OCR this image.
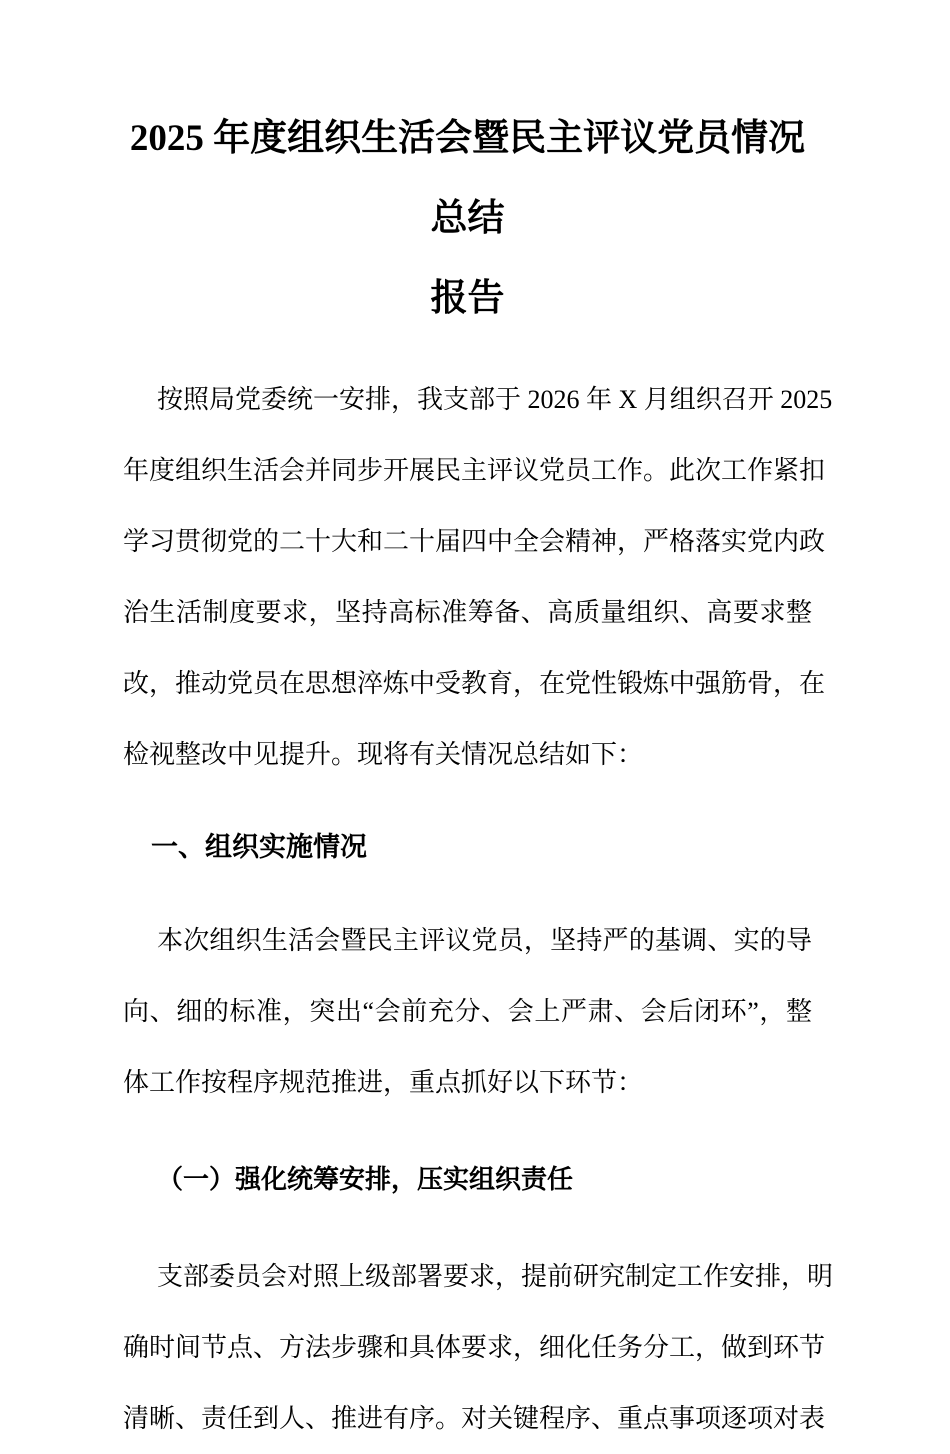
2025 年度组织生活会暨民主评议党员情况总结
报告
按照局党委统一安排，我支部于 2026 年 X 月组织召开 2025
年度组织生活会并同步开展民主评议党员工作。此次工作紧扣
学习贯彻党的二十大和二十届四中全会精神，严格落实党内政
治生活制度要求，坚持高标准筹备、高质量组织、高要求整
改，推动党员在思想淬炼中受教育，在党性锻炼中强筋骨，在
检视整改中见提升。现将有关情况总结如下：
一、组织实施情况
本次组织生活会暨民主评议党员，坚持严的基调、实的导
向、细的标准，突出“会前充分、会上严肃、会后闭环”，整
体工作按程序规范推进，重点抓好以下环节：
（一）强化统筹安排，压实组织责任
支部委员会对照上级部署要求，提前研究制定工作安排，明
确时间节点、方法步骤和具体要求，细化任务分工，做到环节
清晰、责任到人、推进有序。对关键程序、重点事项逐项对表
